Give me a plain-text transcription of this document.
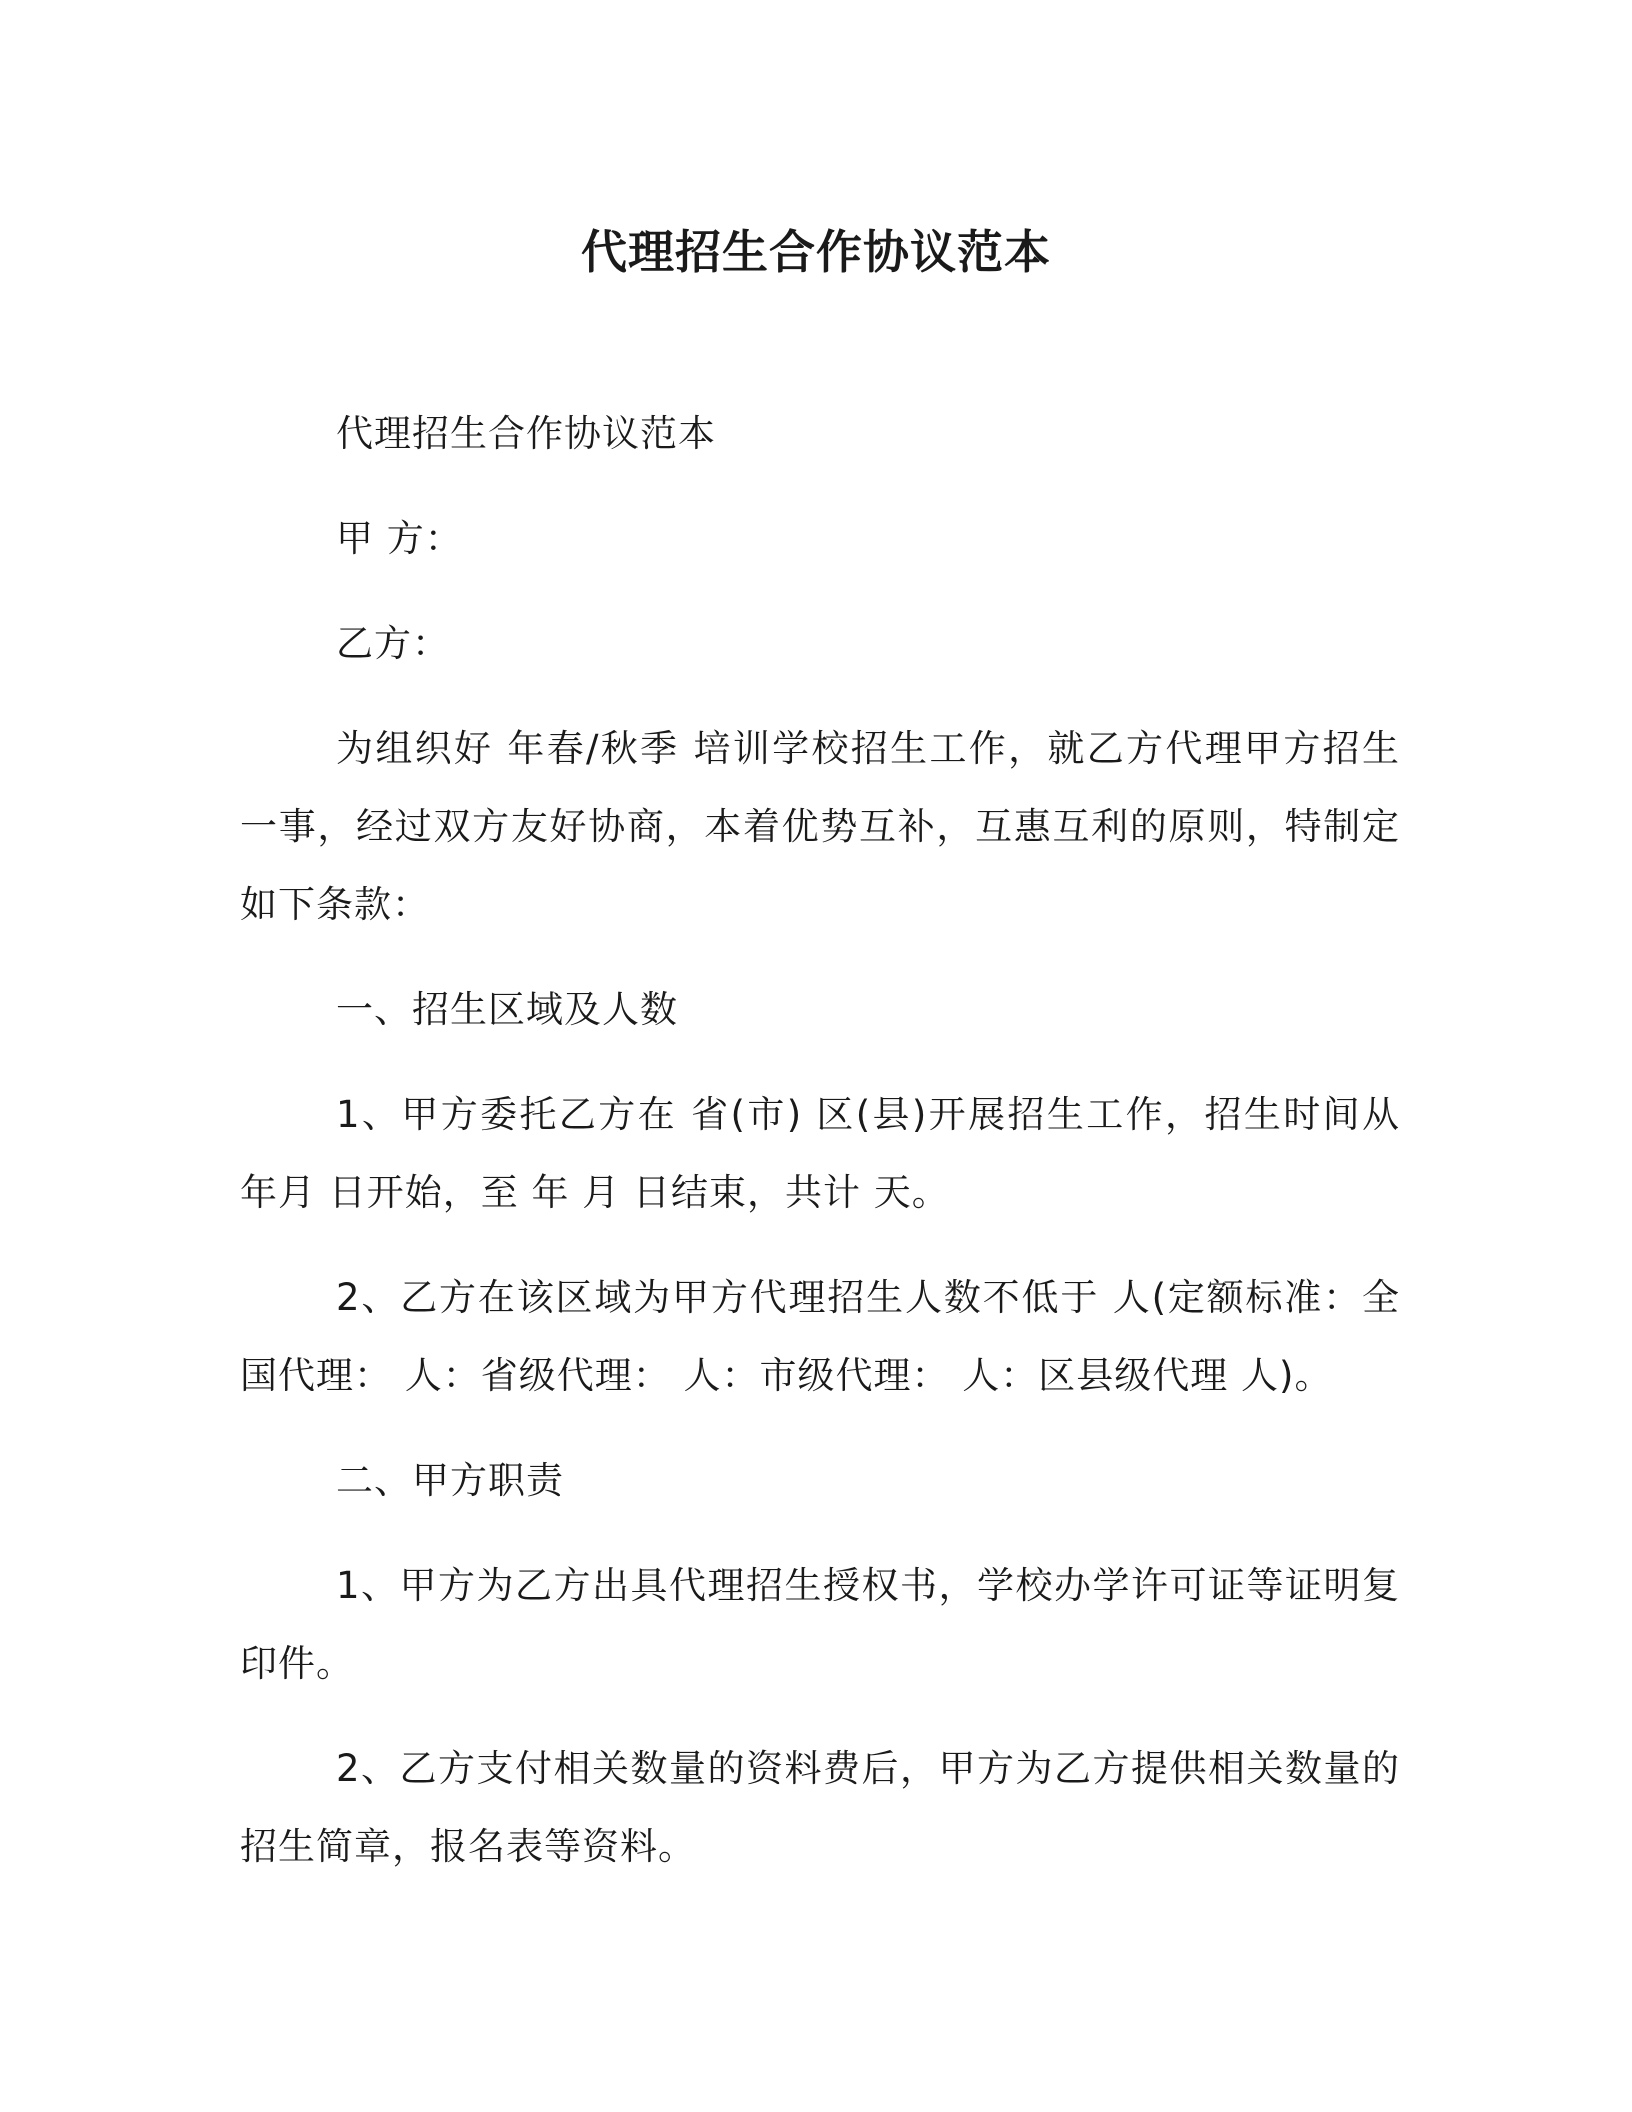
代理招生合作协议范本

代理招生合作协议范本

甲 方：

乙方：

为组织好 年春/秋季 培训学校招生工作，就乙方代理甲方招生一事，经过双方友好协商，本着优势互补，互惠互利的原则，特制定如下条款：

一、招生区域及人数

1、甲方委托乙方在 省(市) 区(县)开展招生工作，招生时间从 年月 日开始，至 年 月 日结束，共计 天。

2、乙方在该区域为甲方代理招生人数不低于 人(定额标准：全国代理： 人：省级代理： 人：市级代理： 人：区县级代理 人)。

二、甲方职责

1、甲方为乙方出具代理招生授权书，学校办学许可证等证明复印件。

2、乙方支付相关数量的资料费后，甲方为乙方提供相关数量的招生简章，报名表等资料。
